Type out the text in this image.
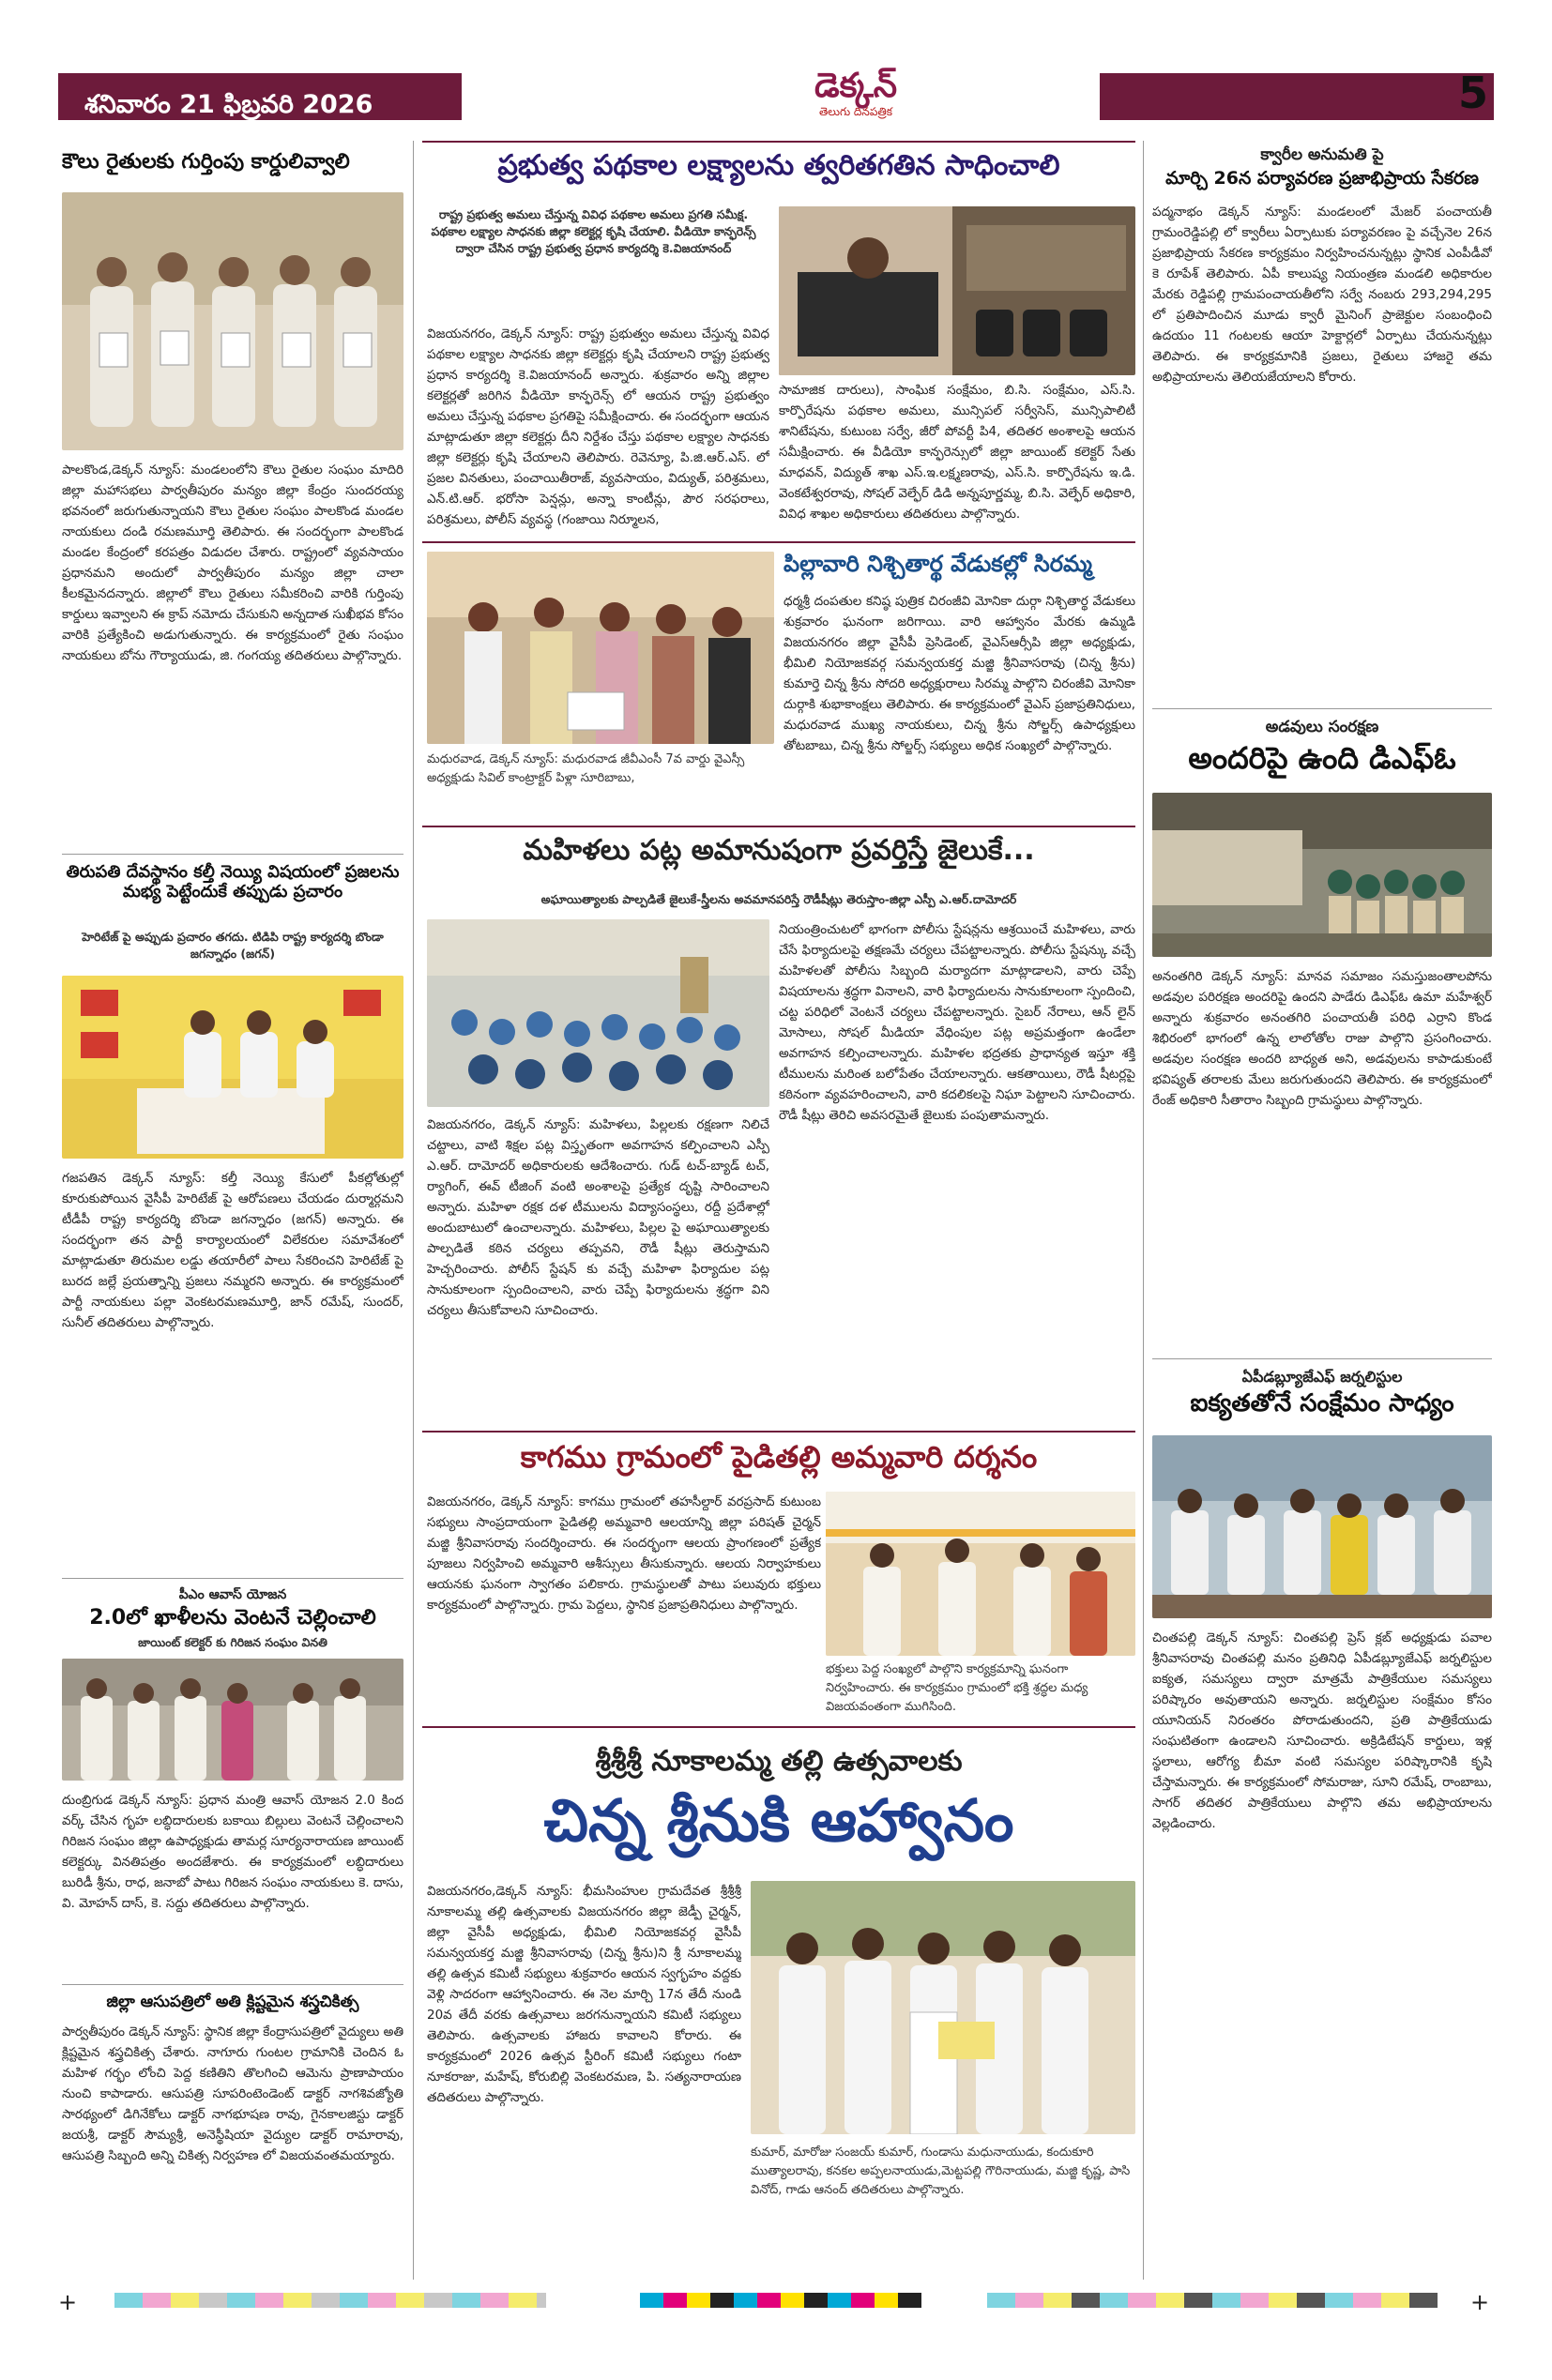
శనివారం 21 ఫిబ్రవరి 2026	డెక్కన్
తెలుగు దినపత్రిక	5
కౌలు రైతులకు గుర్తింపు కార్డులివ్వాలి
పాలకొండ,డెక్కన్ న్యూస్: మండలంలోని కౌలు రైతుల సంఘం మాదిరి జిల్లా మహాసభలు పార్వతీపురం మన్యం జిల్లా కేంద్రం సుందరయ్య భవనంలో జరుగుతున్నాయని కౌలు రైతుల సంఘం పాలకొండ మండల నాయకులు దండి రమణమూర్తి తెలిపారు. ఈ సందర్భంగా పాలకొండ మండల కేంద్రంలో కరపత్రం విడుదల చేశారు. రాష్ట్రంలో వ్యవసాయం ప్రధానమని అందులో పార్వతీపురం మన్యం జిల్లా చాలా కీలకమైనదన్నారు. జిల్లాలో కౌలు రైతులు సమీకరించి వారికి గుర్తింపు కార్డులు ఇవ్వాలని ఈ క్రాప్ నమోదు చేసుకుని అన్నదాత సుఖీభవ కోసం వారికి ప్రత్యేకించి అడుగుతున్నారు. ఈ కార్యక్రమంలో రైతు సంఘం నాయకులు బోను గౌర్యాయుడు, జి. గంగయ్య తదితరులు పాల్గొన్నారు.
తిరుపతి దేవస్థానం కల్తీ నెయ్యి విషయంలో ప్రజలను మభ్య పెట్టేందుకే తప్పుడు ప్రచారం
హెరిటేజ్ పై అప్పుడు ప్రచారం తగదు. టిడిపి రాష్ట్ర కార్యదర్శి బొండా జగన్నాధం (జగన్)
గజపతిన డెక్కన్ న్యూస్: కల్తీ నెయ్యి కేసులో పీకల్లోతుల్లో కూరుకుపోయిన వైసీపీ హెరిటేజ్ పై ఆరోపణలు చేయడం దుర్మార్గమని టీడీపీ రాష్ట్ర కార్యదర్శి బొండా జగన్నాధం (జగన్) అన్నారు. ఈ సందర్భంగా తన పార్టీ కార్యాలయంలో విలేకరుల సమావేశంలో మాట్లాడుతూ తిరుమల లడ్డు తయారీలో పాలు సేకరించని హెరిటేజ్ పై బురద జల్లే ప్రయత్నాన్ని ప్రజలు నమ్మరని అన్నారు. ఈ కార్యక్రమంలో పార్టీ నాయకులు పల్లా వెంకటరమణమూర్తి, జాన్ రమేష్, సుందర్, సునీల్ తదితరులు పాల్గొన్నారు.
పీఎం ఆవాస్ యోజన
2.0లో ఖాళీలను వెంటనే చెల్లించాలి
జాయింట్ కలెక్టర్ కు గిరిజన సంఘం వినతి
దుంబ్రిగుడ డెక్కన్ న్యూస్: ప్రధాన మంత్రి ఆవాస్ యోజన 2.0 కింద వర్క్ చేసిన గృహ లబ్ధిదారులకు బకాయి బిల్లులు వెంటనే చెల్లించాలని గిరిజన సంఘం జిల్లా ఉపాధ్యక్షుడు తామర్ల సూర్యనారాయణ జాయింట్ కలెక్టర్కు వినతిపత్రం అందజేశారు. ఈ కార్యక్రమంలో లబ్ధిదారులు బురిడీ శ్రీను, రాధ, జనాబో పాటు గిరిజన సంఘం నాయకులు కె. దాసు, వి. మోహన్ దాస్, కె. సద్దు తదితరులు పాల్గొన్నారు.
జిల్లా ఆసుపత్రిలో అతి క్లిష్టమైన శస్త్రచికిత్స
పార్వతీపురం డెక్కన్ న్యూస్: స్థానిక జిల్లా కేంద్రాసుపత్రిలో వైద్యులు అతి క్లిష్టమైన శస్త్రచికిత్స చేశారు. నాగూరు గుంటల గ్రామానికి చెందిన ఓ మహిళ గర్భం లోంచి పెద్ద కణితిని తొలగించి ఆమెను ప్రాణాపాయం నుంచి కాపాడారు. ఆసుపత్రి సూపరింటెండెంట్ డాక్టర్ నాగశివజ్యోతి సారథ్యంలో డిగినేకోలు డాక్టర్ నాగభూషణ రావు, గైనకాలజిస్టు డాక్టర్ జయశ్రీ, డాక్టర్ సౌమ్యశ్రీ, అనెస్థీషియా వైద్యుల డాక్టర్ రామారావు, ఆసుపత్రి సిబ్బంది అన్ని చికిత్స నిర్వహణ లో విజయవంతమయ్యారు.
ప్రభుత్వ పథకాల లక్ష్యాలను త్వరితగతిన సాధించాలి
రాష్ట్ర ప్రభుత్వ అమలు చేస్తున్న వివిధ పథకాల అమలు ప్రగతి సమీక్ష. పథకాల లక్ష్యాల సాధనకు జిల్లా కలెక్టర్ల కృషి చేయాలి. వీడియో కాన్ఫరెన్స్ ద్వారా చేసిన రాష్ట్ర ప్రభుత్వ ప్రధాన కార్యదర్శి కె.విజయానంద్
విజయనగరం, డెక్కన్ న్యూస్: రాష్ట్ర ప్రభుత్వం అమలు చేస్తున్న వివిధ పథకాల లక్ష్యాల సాధనకు జిల్లా కలెక్టర్లు కృషి చేయాలని రాష్ట్ర ప్రభుత్వ ప్రధాన కార్యదర్శి కె.విజయానంద్ అన్నారు. శుక్రవారం అన్ని జిల్లాల కలెక్టర్లతో జరిగిన వీడియో కాన్ఫరెన్స్ లో ఆయన రాష్ట్ర ప్రభుత్వం అమలు చేస్తున్న పథకాల ప్రగతిపై సమీక్షించారు. ఈ సందర్భంగా ఆయన మాట్లాడుతూ జిల్లా కలెక్టర్లు దీని నిర్దేశం చేస్తు పథకాల లక్ష్యాల సాధనకు జిల్లా కలెక్టర్లు కృషి చేయాలని తెలిపారు. రెవెన్యూ, పి.జి.ఆర్.ఎస్. లో ప్రజల వినతులు, పంచాయితీరాజ్, వ్యవసాయం, విద్యుత్, పరిశ్రమలు, ఎన్.టి.ఆర్. భరోసా పెన్షన్లు, అన్నా కాంటీన్లు, పౌర సరఫరాలు, పరిశ్రమలు, పోలీస్ వ్యవస్థ (గంజాయి నిర్మూలన,
సామాజిక దారులు), సాంఘిక సంక్షేమం, బి.సి. సంక్షేమం, ఎస్.సి. కార్పొరేషను పథకాల అమలు, మున్సిపల్ సర్వీసెస్, మున్సిపాలిటీ శానిటేషను, కుటుంబ సర్వే, జీరో పోవర్టీ పి4, తదితర అంశాలపై ఆయన సమీక్షించారు. ఈ వీడియో కాన్ఫరెన్సులో జిల్లా జాయింట్ కలెక్టర్ సేతు మాధవన్, విద్యుత్ శాఖ ఎస్.ఇ.లక్ష్మణరావు, ఎస్.సి. కార్పొరేషను ఇ.డి. వెంకటేశ్వరరావు, సోషల్ వెల్ఫేర్ డిడి అన్నపూర్ణమ్మ, బి.సి. వెల్ఫేర్ అధికారి, వివిధ శాఖల అధికారులు తదితరులు పాల్గొన్నారు.
పిల్లావారి నిశ్చితార్థ వేడుకల్లో సిరమ్మ
ధర్మశ్రీ దంపతుల కనిష్ఠ పుత్రిక చిరంజీవి మోనికా దుర్గా నిశ్చితార్థ వేడుకలు శుక్రవారం ఘనంగా జరిగాయి. వారి ఆహ్వానం మేరకు ఉమ్మడి విజయనగరం జిల్లా వైసీపీ ప్రెసిడెంట్, వైఎస్ఆర్సీపి జిల్లా అధ్యక్షుడు, భీమిలి నియోజకవర్గ సమన్వయకర్త మజ్జి శ్రీనివాసరావు (చిన్న శ్రీను) కుమార్తె చిన్న శ్రీను సోదరి అధ్యక్షురాలు సిరమ్మ పాల్గొని చిరంజీవి మోనికా దుర్గాకి శుభాకాంక్షలు తెలిపారు. ఈ కార్యక్రమంలో వైఎస్ ప్రజాప్రతినిధులు, మధురవాడ ముఖ్య నాయకులు, చిన్న శ్రీను సోల్జర్స్ ఉపాధ్యక్షులు తోటబాబు, చిన్న శ్రీను సోల్జర్స్ సభ్యులు అధిక సంఖ్యలో పాల్గొన్నారు.
మధురవాడ, డెక్కన్ న్యూస్: మధురవాడ జీవీఎంసీ 7వ వార్డు వైఎస్సీ అధ్యక్షుడు సివిల్ కాంట్రాక్టర్ పిళ్లా సూరిబాబు,
మహిళలు పట్ల అమానుషంగా ప్రవర్తిస్తే జైలుకే...
అఘాయిత్యాలకు పాల్పడితే జైలుకే-స్త్రీలను అవమానపరిస్తే రౌడీషీట్లు తెరుస్తాం-జిల్లా ఎస్పీ ఎ.ఆర్.దామోదర్
విజయనగరం, డెక్కన్ న్యూస్: మహిళలు, పిల్లలకు రక్షణగా నిలిచే చట్టాలు, వాటి శిక్షల పట్ల విస్తృతంగా అవగాహన కల్పించాలని ఎస్పీ ఎ.ఆర్. దామోదర్ అధికారులకు ఆదేశించారు. గుడ్ టచ్-బ్యాడ్ టచ్, ర్యాగింగ్, ఈవ్ టీజింగ్ వంటి అంశాలపై ప్రత్యేక దృష్టి సారించాలని అన్నారు. మహిళా రక్షక దళ టీములను విద్యాసంస్థలు, రద్దీ ప్రదేశాల్లో అందుబాటులో ఉంచాలన్నారు. మహిళలు, పిల్లల పై అఘాయిత్యాలకు పాల్పడితే కఠిన చర్యలు తప్పవని, రౌడీ షీట్లు తెరుస్తామని హెచ్చరించారు. పోలీస్ స్టేషన్ కు వచ్చే మహిళా ఫిర్యాదుల పట్ల సానుకూలంగా స్పందించాలని, వారు చెప్పే ఫిర్యాదులను శ్రద్ధగా విని చర్యలు తీసుకోవాలని సూచించారు.
నియంత్రించుటలో భాగంగా పోలీసు స్టేషన్లను ఆశ్రయించే మహిళలు, వారు చేసే ఫిర్యాదులపై తక్షణమే చర్యలు చేపట్టాలన్నారు. పోలీసు స్టేషన్కు వచ్చే మహిళలతో పోలీసు సిబ్బంది మర్యాదగా మాట్లాడాలని, వారు చెప్పే విషయాలను శ్రద్ధగా వినాలని, వారి ఫిర్యాదులను సానుకూలంగా స్పందించి, చట్ట పరిధిలో వెంటనే చర్యలు చేపట్టాలన్నారు. సైబర్ నేరాలు, ఆన్ లైన్ మోసాలు, సోషల్ మీడియా వేధింపుల పట్ల అప్రమత్తంగా ఉండేలా అవగాహన కల్పించాలన్నారు. మహిళల భద్రతకు ప్రాధాన్యత ఇస్తూ శక్తి టీములను మరింత బలోపేతం చేయాలన్నారు. ఆకతాయిలు, రౌడీ షీటర్లపై కఠినంగా వ్యవహరించాలని, వారి కదలికలపై నిఘా పెట్టాలని సూచించారు. రౌడీ షీట్లు తెరిచి అవసరమైతే జైలుకు పంపుతామన్నారు.
కాగము గ్రామంలో పైడితల్లి అమ్మవారి దర్శనం
విజయనగరం, డెక్కన్ న్యూస్: కాగము గ్రామంలో తహసీల్దార్ వరప్రసాద్ కుటుంబ సభ్యులు సాంప్రదాయంగా పైడితల్లి అమ్మవారి ఆలయాన్ని జిల్లా పరిషత్ చైర్మన్ మజ్జి శ్రీనివాసరావు సందర్శించారు. ఈ సందర్భంగా ఆలయ ప్రాంగణంలో ప్రత్యేక పూజలు నిర్వహించి అమ్మవారి ఆశీస్సులు తీసుకున్నారు. ఆలయ నిర్వాహకులు ఆయనకు ఘనంగా స్వాగతం పలికారు. గ్రామస్థులతో పాటు పలువురు భక్తులు కార్యక్రమంలో పాల్గొన్నారు. గ్రామ పెద్దలు, స్థానిక ప్రజాప్రతినిధులు పాల్గొన్నారు.
భక్తులు పెద్ద సంఖ్యలో పాల్గొని కార్యక్రమాన్ని ఘనంగా నిర్వహించారు. ఈ కార్యక్రమం గ్రామంలో భక్తి శ్రద్ధల మధ్య విజయవంతంగా ముగిసింది.
శ్రీశ్రీశ్రీ నూకాలమ్మ తల్లి ఉత్సవాలకు
చిన్న శ్రీనుకి ఆహ్వానం
విజయనగరం,డెక్కన్ న్యూస్: భీమసింహుల గ్రామదేవత శ్రీశ్రీశ్రీ నూకాలమ్మ తల్లి ఉత్సవాలకు విజయనగరం జిల్లా జెడ్పీ చైర్మన్, జిల్లా వైసీపీ అధ్యక్షుడు, భీమిలి నియోజకవర్గ వైసీపీ సమన్వయకర్త మజ్జి శ్రీనివాసరావు (చిన్న శ్రీను)ని శ్రీ నూకాలమ్మ తల్లి ఉత్సవ కమిటీ సభ్యులు శుక్రవారం ఆయన స్వగృహం వద్దకు వెళ్లి సాదరంగా ఆహ్వానించారు. ఈ నెల మార్చి 17న తేదీ నుండి 20వ తేదీ వరకు ఉత్సవాలు జరగనున్నాయని కమిటీ సభ్యులు తెలిపారు. ఉత్సవాలకు హాజరు కావాలని కోరారు. ఈ కార్యక్రమంలో 2026 ఉత్సవ స్టీరింగ్ కమిటీ సభ్యులు గంటా నూకరాజు, మహేష్, కోరుబిల్లి వెంకటరమణ, పి. సత్యనారాయణ తదితరులు పాల్గొన్నారు.
కుమార్, మారోజు సంజయ్ కుమార్, గుండాసు మధునాయుడు, కందుకూరి ముత్యాలరావు, కనకల అప్పలనాయుడు,మెట్టపల్లి గౌరినాయుడు, మజ్జి కృష్ణ, పాసి వినోద్, గాడు ఆనంద్ తదితరులు పాల్గొన్నారు.
క్వారీల అనుమతి పై
మార్చి 26న పర్యావరణ ప్రజాభిప్రాయ సేకరణ
పద్మనాభం డెక్కన్ న్యూస్: మండలంలో మేజర్ పంచాయతీ గ్రామంరెడ్డిపల్లి లో క్వారీలు ఏర్పాటుకు పర్యావరణం పై వచ్చేనెల 26న ప్రజాభిప్రాయ సేకరణ కార్యక్రమం నిర్వహించనున్నట్లు స్థానిక ఎంపీడీవో కె రూపేశ్ తెలిపారు. ఏపీ కాలుష్య నియంత్రణ మండలి అధికారుల మేరకు రెడ్డిపల్లి గ్రామపంచాయతీలోని సర్వే నంబరు 293,294,295 లో ప్రతిపాదించిన మూడు క్వారీ మైనింగ్ ప్రాజెక్టుల సంబంధించి ఉదయం 11 గంటలకు ఆయా హెక్టార్లలో ఏర్పాటు చేయనున్నట్లు తెలిపారు. ఈ కార్యక్రమానికి ప్రజలు, రైతులు హాజరై తమ అభిప్రాయాలను తెలియజేయాలని కోరారు.
అడవులు సంరక్షణ
అందరిపై ఉంది డిఎఫ్ఓ
అనంతగిరి డెక్కన్ న్యూస్: మానవ సమాజం సమస్తుజంతాలపోను అడవుల పరిరక్షణ అందరిపై ఉందని పాడేరు డిఎఫ్ఓ ఉమా మహేశ్వర్ అన్నారు శుక్రవారం అనంతగిరి పంచాయతీ పరిధి ఎర్రాని కొండ శిభిరంలో భాగంలో ఉన్న లాలోతోల రాజు పాల్గొని ప్రసంగించారు. అడవుల సంరక్షణ అందరి బాధ్యత అని, అడవులను కాపాడుకుంటే భవిష్యత్ తరాలకు మేలు జరుగుతుందని తెలిపారు. ఈ కార్యక్రమంలో రేంజ్ అధికారి సీతారాం సిబ్బంది గ్రామస్థులు పాల్గొన్నారు.
ఏపీడబ్ల్యూజేఎఫ్ జర్నలిస్టుల
ఐక్యతతోనే సంక్షేమం సాధ్యం
చింతపల్లి డెక్కన్ న్యూస్: చింతపల్లి ప్రెస్ క్లబ్ అధ్యక్షుడు పవాల శ్రీనివాసరావు చింతపల్లి మనం ప్రతినిధి ఏపీడబ్ల్యూజేఎఫ్ జర్నలిస్టుల ఐక్యత, సమస్యలు ద్వారా మాత్రమే పాత్రికేయుల సమస్యలు పరిష్కారం అవుతాయని అన్నారు. జర్నలిస్టుల సంక్షేమం కోసం యూనియన్ నిరంతరం పోరాడుతుందని, ప్రతి పాత్రికేయుడు సంఘటితంగా ఉండాలని సూచించారు. అక్రిడిటేషన్ కార్డులు, ఇళ్ల స్థలాలు, ఆరోగ్య బీమా వంటి సమస్యల పరిష్కారానికి కృషి చేస్తామన్నారు. ఈ కార్యక్రమంలో సోమరాజు, సూని రమేష్, రాంబాబు, సాగర్ తదితర పాత్రికేయులు పాల్గొని తమ అభిప్రాయాలను వెల్లడించారు.
+	+
